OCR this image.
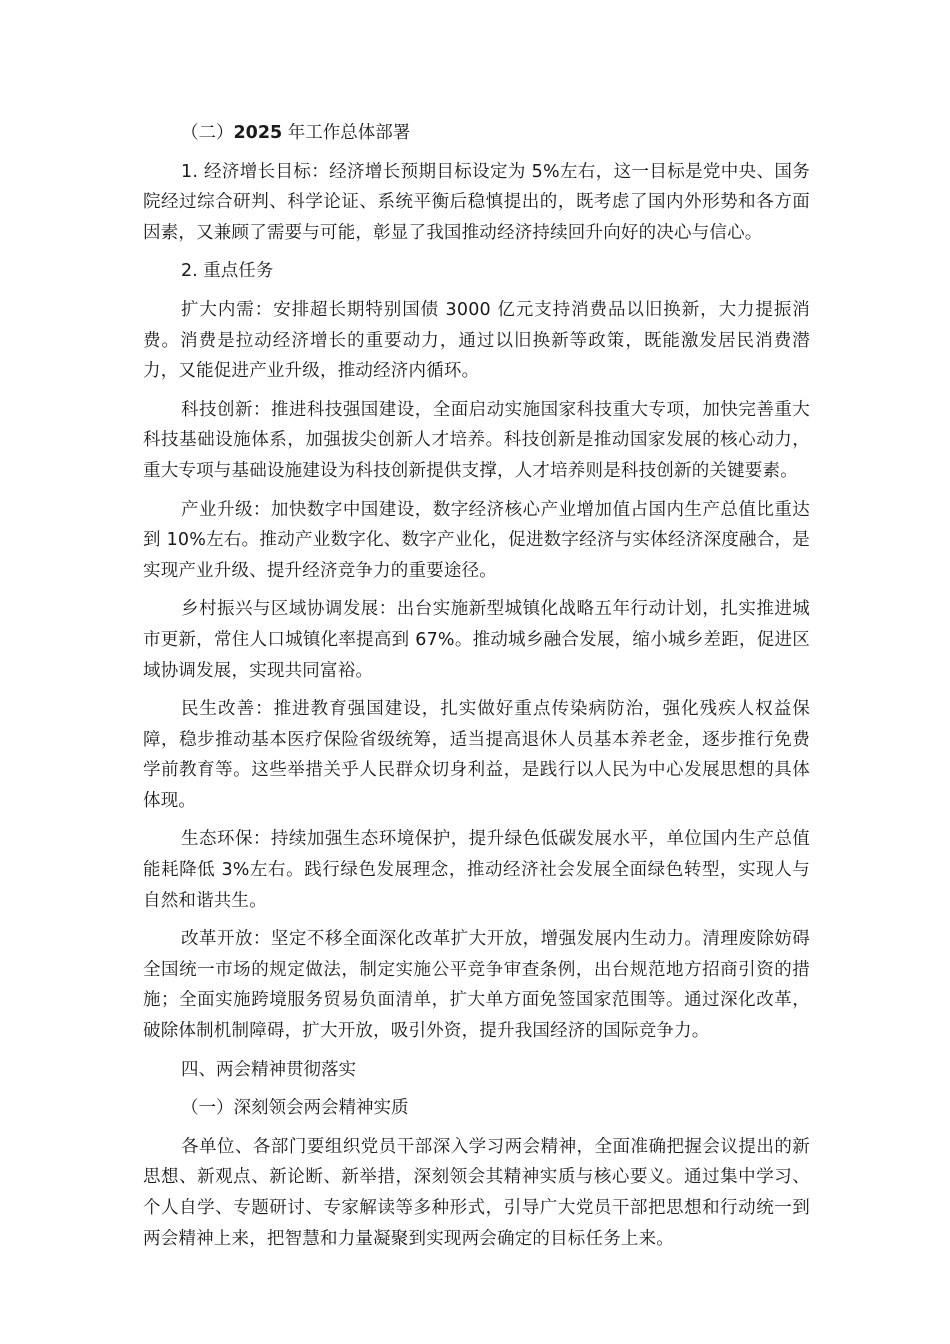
（二）2025 年工作总体部署

1. 经济增长目标：经济增长预期目标设定为 5%左右，这一目标是党中央、国务院经过综合研判、科学论证、系统平衡后稳慎提出的，既考虑了国内外形势和各方面因素，又兼顾了需要与可能，彰显了我国推动经济持续回升向好的决心与信心。

2. 重点任务

扩大内需：安排超长期特别国债 3000 亿元支持消费品以旧换新，大力提振消费。消费是拉动经济增长的重要动力，通过以旧换新等政策，既能激发居民消费潜力，又能促进产业升级，推动经济内循环。

科技创新：推进科技强国建设，全面启动实施国家科技重大专项，加快完善重大科技基础设施体系，加强拔尖创新人才培养。科技创新是推动国家发展的核心动力，重大专项与基础设施建设为科技创新提供支撑，人才培养则是科技创新的关键要素。

产业升级：加快数字中国建设，数字经济核心产业增加值占国内生产总值比重达到 10%左右。推动产业数字化、数字产业化，促进数字经济与实体经济深度融合，是实现产业升级、提升经济竞争力的重要途径。

乡村振兴与区域协调发展：出台实施新型城镇化战略五年行动计划，扎实推进城市更新，常住人口城镇化率提高到 67%。推动城乡融合发展，缩小城乡差距，促进区域协调发展，实现共同富裕。

民生改善：推进教育强国建设，扎实做好重点传染病防治，强化残疾人权益保障，稳步推动基本医疗保险省级统筹，适当提高退休人员基本养老金，逐步推行免费学前教育等。这些举措关乎人民群众切身利益，是践行以人民为中心发展思想的具体体现。

生态环保：持续加强生态环境保护，提升绿色低碳发展水平，单位国内生产总值能耗降低 3%左右。践行绿色发展理念，推动经济社会发展全面绿色转型，实现人与自然和谐共生。

改革开放：坚定不移全面深化改革扩大开放，增强发展内生动力。清理废除妨碍全国统一市场的规定做法，制定实施公平竞争审查条例，出台规范地方招商引资的措施；全面实施跨境服务贸易负面清单，扩大单方面免签国家范围等。通过深化改革，破除体制机制障碍，扩大开放，吸引外资，提升我国经济的国际竞争力。

四、两会精神贯彻落实

（一）深刻领会两会精神实质

各单位、各部门要组织党员干部深入学习两会精神，全面准确把握会议提出的新思想、新观点、新论断、新举措，深刻领会其精神实质与核心要义。通过集中学习、个人自学、专题研讨、专家解读等多种形式，引导广大党员干部把思想和行动统一到两会精神上来，把智慧和力量凝聚到实现两会确定的目标任务上来。
